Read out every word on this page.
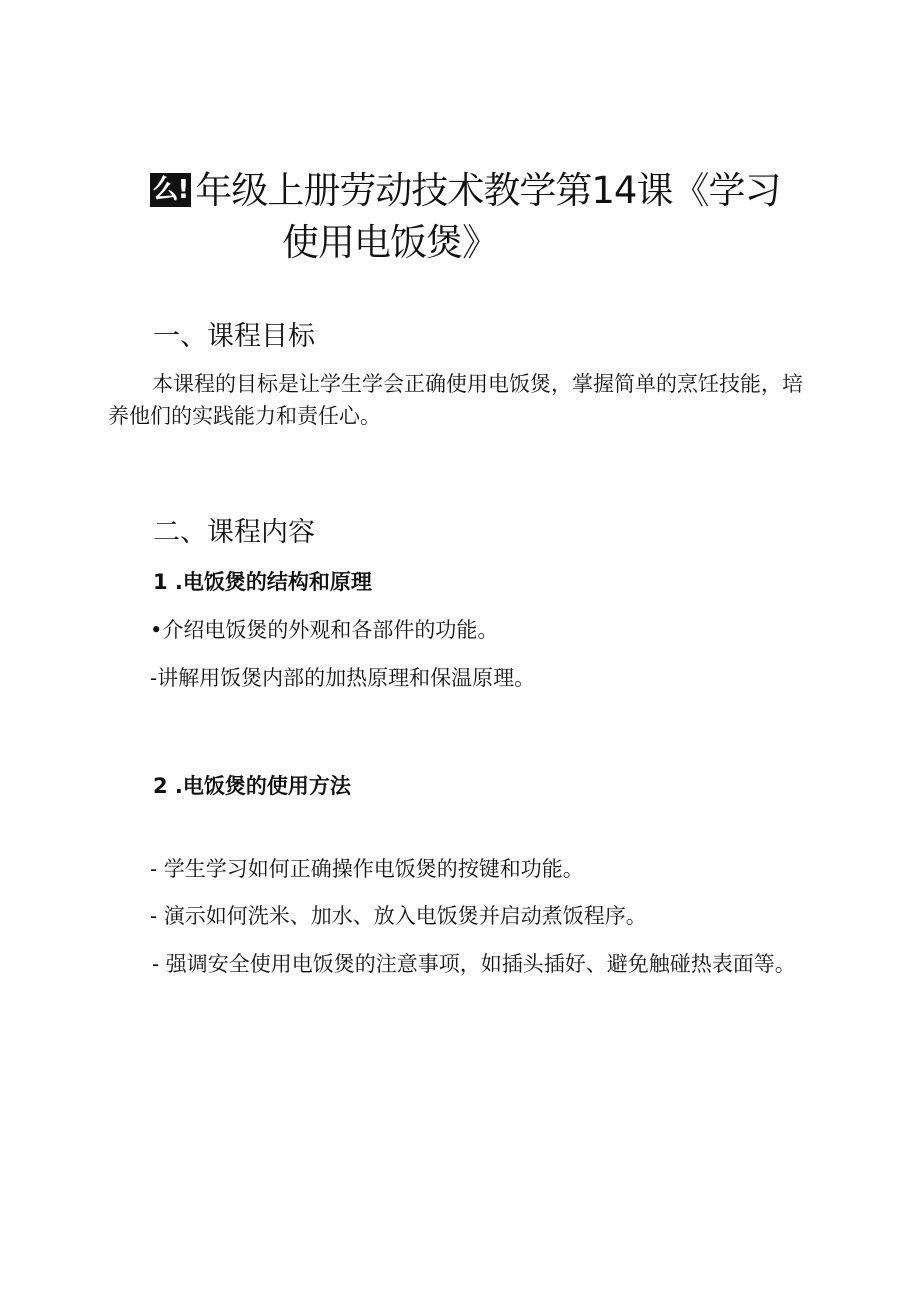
么! 年级上册劳动技术教学第14课《学习
使用电饭煲》
一、课程目标
本课程的目标是让学生学会正确使用电饭煲，掌握简单的烹饪技能，培养他们的实践能力和责任心。
二、课程内容
1 .电饭煲的结构和原理
•介绍电饭煲的外观和各部件的功能。
-讲解用饭煲内部的加热原理和保温原理。
2 .电饭煲的使用方法
- 学生学习如何正确操作电饭煲的按键和功能。
- 演示如何洗米、加水、放入电饭煲并启动煮饭程序。
- 强调安全使用电饭煲的注意事项，如插头插好、避免触碰热表面等。
